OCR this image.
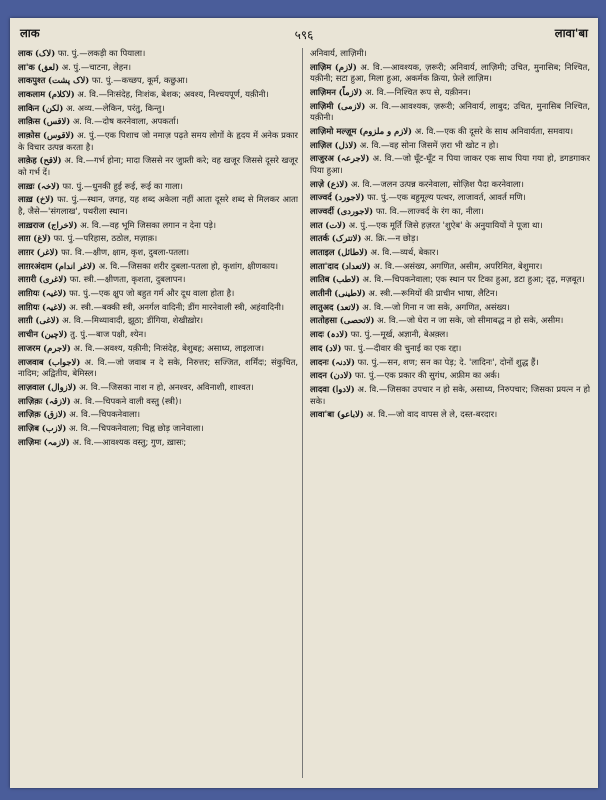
५९६
लाक	लावा'बा
लाक (لاک) फा. पुं.—लकड़ी का पियाला।
ला'क (لعق) अ. पुं.—चाटना, लेहन।
लाकपुश्त (لاک پشت) फा. पुं.—कच्छप, कूर्म, कछुआ।
लाकलाम (لاکلام) अ. वि.—निःसंदेह, निःशंक, बेशक; अवश्य, निश्चयपूर्ण, यक़ीनी।
लाकिन (لکن) अ. अव्य.—लेकिन, परंतु, किन्तु।
लाक़िस (لاقس) अ. वि.—दोष करनेवाला, अपकर्ता।
लाक़ोस (لاقوس) अ. पुं.—एक पिशाच जो नमाज़ पढ़ते समय लोगों के हृदय में अनेक प्रकार के विचार उत्पन्न करता है।
लाक़ेह (لاقح) अ. वि.—गर्भ होना; मादा जिससे नर जुफ़्ती करे; वह खजूर जिससे दूसरे खजूर को गर्भ दें।
लाख़ः (لاخہ) फा. पुं.—धुनकी हुई रूई, रूई का गाला।
लाख़ (لاخ) फा. पुं.—स्थान, जगह, यह शब्द अकेला नहीं आता दूसरे शब्द से मिलकर आता है, जैसे—'संगलाख', पथरीला स्थान।
लाख़राज (لاخراج) अ. वि.—वह भूमि जिसका लगान न देना पड़े।
लाग़ (لاغ) फा. पुं.—परिहास, ठठोल, मज़ाक़।
लाग़र (لاغر) फा. वि.—क्षीण, क्षाम, कृश, दुबला-पतला।
लाग़रअंदाम (لاغر اندام) अ. वि.—जिसका शरीर दुबला-पतला हो, कृशांग, क्षीणकाय।
लाग़री (لاغری) फा. स्त्री.—क्षीणता, कृशता, दुबलापन।
लाग़ियः (لاغیہ) फा. पुं.—एक क्षुप जो बहुत गर्म और दूध वाला होता है।
लाग़ियः (لاغیہ) अ. स्त्री.—बक्की स्त्री, अनर्गल वादिनी; डींग मारनेवाली स्त्री, अहंवादिनी।
लाग़ी (لاغی) अ. वि.—मिथ्यावादी, झूठा; डींगिया, शेखीख़ोर।
लाचीन (لاچین) तु. पुं.—बाज पक्षी, श्येन।
लाजरम (لاجرم) अ. वि.—अवश्य, यक़ीनी; निःसंदेह, बेशुबह; असाध्य, लाइलाज।
लाजवाब (لاجواب) अ. वि.—जो जवाब न दे सके, निरुत्तर; सज्जित, शर्मिंदः; संकुचित, नादिम; अद्वितीय, बेमिस्ल।
लाज़वाल (لازوال) अ. वि.—जिसका नाश न हो, अनश्वर, अविनाशी, शाश्वत।
लाज़िक़ः (لازقہ) अ. वि.—चिपकने वाली वस्तु (स्त्री)।
लाज़िक़ (لازق) अ. वि.—चिपकनेवाला।
लाज़िब (لازب) अ. वि.—चिपकनेवाला; चिह्न छोड़ जानेवाला।
लाज़िमः (لازمہ) अ. वि.—आवश्यक वस्तु; गुण, ख़ासः;
अनिवार्य, लाज़िमी।
लाज़िम (لازم) अ. वि.—आवश्यक, ज़रूरी; अनिवार्य, लाज़िमी; उचित, मुनासिब; निश्चित, यक़ीनी; सटा हुआ, मिला हुआ, अकर्मक क्रिया, फ़ेले लाज़िम।
लाज़िमन (لازماً) अ. वि.—निश्चित रूप से, यक़ीनन।
लाज़िमी (لازمی) अ. वि.—आवश्यक, ज़रूरी; अनिवार्य, लाबुद; उचित, मुनासिब निश्चित, यक़ीनी।
लाज़िमो मल्ज़ूम (لازم و ملزوم) अ. वि.—एक की दूसरे के साथ अनिवार्यता, समवाय।
लाज़िल (لاذل) अ. वि.—वह सोना जिसमें ज़रा भी खोट न हो।
लाजुरअ (لاجرعہ) अ. वि.—जो घूँट-घूँट न पिया जाकर एक साथ पिया गया हो, डगडगाकर पिया हुआ।
लाज़े (لاذع) अ. वि.—जलन उत्पन्न करनेवाला, सोज़िश पैदा करनेवाला।
लाज्वर्द (لاجورد) फा. पुं.—एक बहुमूल्य पत्थर, लाजावर्त, आवर्त मणि।
लाज्वर्दी (لاجوردی) फा. वि.—लाज्वर्द के रंग का, नीला।
लात (لات) अ. पुं.—एक मूर्ति जिसे हज़रत 'शुऐब' के अनुयायियों ने पूजा था।
लातर्क (لاتترک) अ. क्रि.—न छोड़।
लाताइल (لاطائل) अ. वि.—व्यर्थ, बेकार।
लाता'दाद (لاتعداد) अ. वि.—असंख्य, अगणित, असीम, अपरिमित, बेशुमार।
लातिब (لاطب) अ. वि.—चिपकनेवाला; एक स्थान पर टिका हुआ, डटा हुआ; दृढ़, मज़बूत।
लातीनी (لاطینی) अ. स्त्री.—रूमियों की प्राचीन भाषा, लैटिन।
लातुअद (لاتعد) अ. वि.—जो गिना न जा सके, अगणित, असंख्य।
लातोहसा (لاتحصی) अ. वि.—जो घेरा न जा सके, जो सीमाबद्ध न हो सके, असीम।
लादः (لادہ) फा. पुं.—मूर्ख, अज्ञानी, बेअक़्ल।
लाद (لاد) फा. पुं.—दीवार की चुनाई का एक रद्दा।
लादनः (لادنہ) फा. पुं.—सन, शण; सन का पेड़; दे. 'लादिनः', दोनों शुद्ध हैं।
लादन (لادن) फा. पुं.—एक प्रकार की सुगंध, अफ़ीम का अर्क।
लादवा (لادوا) अ. वि.—जिसका उपचार न हो सके, असाध्य, निरुपचार; जिसका प्रयत्न न हो सके।
लावा'बा (لاباعو) अ. वि.—जो वाद वापस ले ले, दस्त-बरदार।
